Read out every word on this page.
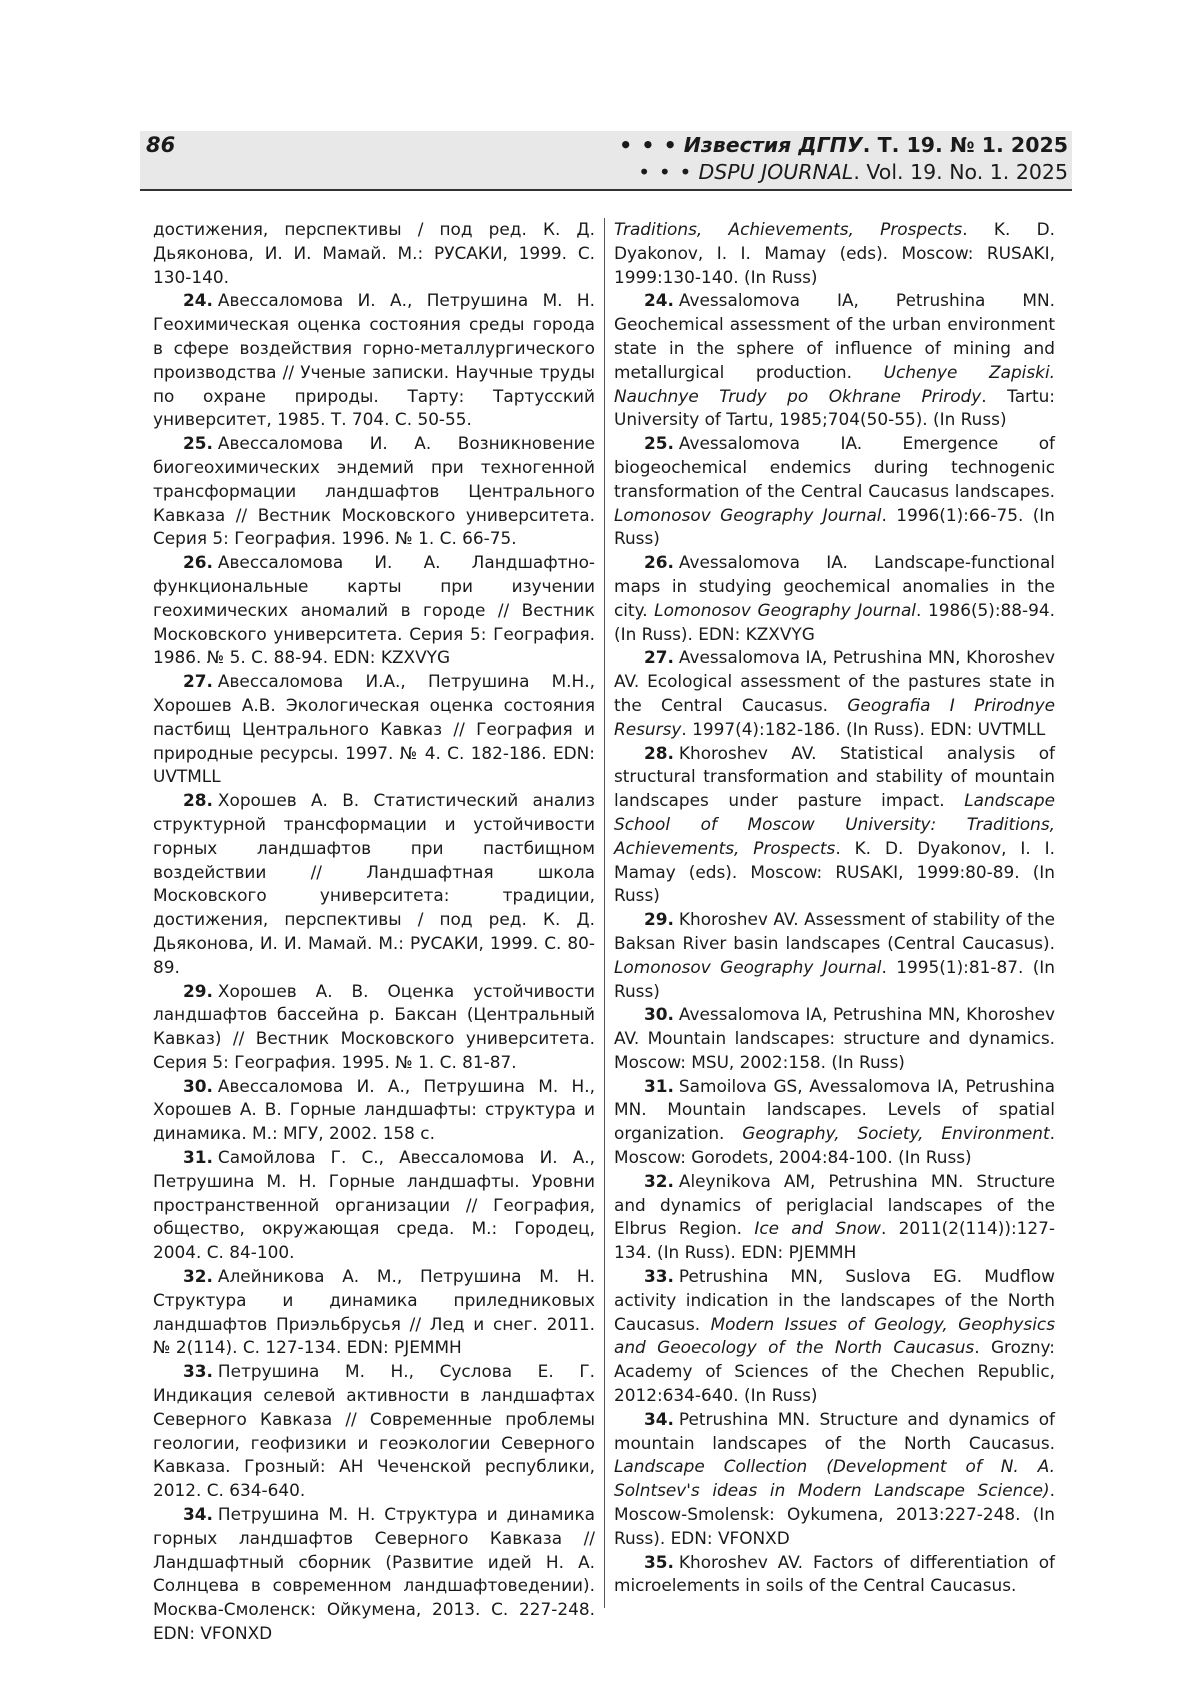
86	• • • Известия ДГПУ. Т. 19. № 1. 2025
• • • DSPU JOURNAL. Vol. 19. No. 1. 2025

достижения, перспективы / под ред. К. Д. Дьяконова, И. И. Мамай. М.: РУСАКИ, 1999. С. 130-140.

24. Авессаломова И. А., Петрушина М. Н. Геохимическая оценка состояния среды города в сфере воздействия горно-металлургического производства // Ученые записки. Научные труды по охране природы. Тарту: Тартусский университет, 1985. Т. 704. С. 50-55.

25. Авессаломова И. А. Возникновение биогеохимических эндемий при техногенной трансформации ландшафтов Центрального Кавказа // Вестник Московского университета. Серия 5: География. 1996. № 1. С. 66-75.

26. Авессаломова И. А. Ландшафтно-функциональные карты при изучении геохимических аномалий в городе // Вестник Московского университета. Серия 5: География. 1986. № 5. С. 88-94. EDN: KZXVYG

27. Авессаломова И.А., Петрушина М.Н., Хорошев А.В. Экологическая оценка состояния пастбищ Центрального Кавказ // География и природные ресурсы. 1997. № 4. С. 182-186. EDN: UVTMLL

28. Хорошев А. В. Статистический анализ структурной трансформации и устойчивости горных ландшафтов при пастбищном воздействии // Ландшафтная школа Московского университета: традиции, достижения, перспективы / под ред. К. Д. Дьяконова, И. И. Мамай. М.: РУСАКИ, 1999. С. 80-89.

29. Хорошев А. В. Оценка устойчивости ландшафтов бассейна р. Баксан (Центральный Кавказ) // Вестник Московского университета. Серия 5: География. 1995. № 1. С. 81-87.

30. Авессаломова И. А., Петрушина М. Н., Хорошев А. В. Горные ландшафты: структура и динамика. М.: МГУ, 2002. 158 с.

31. Самойлова Г. С., Авессаломова И. А., Петрушина М. Н. Горные ландшафты. Уровни пространственной организации // География, общество, окружающая среда. М.: Городец, 2004. С. 84-100.

32. Алейникова А. М., Петрушина М. Н. Структура и динамика приледниковых ландшафтов Приэльбрусья // Лед и снег. 2011. № 2(114). С. 127-134. EDN: PJEMMH

33. Петрушина М. Н., Суслова Е. Г. Индикация селевой активности в ландшафтах Северного Кавказа // Современные проблемы геологии, геофизики и геоэкологии Северного Кавказа. Грозный: АН Чеченской республики, 2012. С. 634-640.

34. Петрушина М. Н. Структура и динамика горных ландшафтов Северного Кавказа // Ландшафтный сборник (Развитие идей Н. А. Солнцева в современном ландшафтоведении). Москва-Смоленск: Ойкумена, 2013. С. 227-248. EDN: VFONXD

Traditions, Achievements, Prospects. K. D. Dyakonov, I. I. Mamay (eds). Moscow: RUSAKI, 1999:130-140. (In Russ)

24. Avessalomova IA, Petrushina MN. Geochemical assessment of the urban environment state in the sphere of influence of mining and metallurgical production. Uchenye Zapiski. Nauchnye Trudy po Okhrane Prirody. Tartu: University of Tartu, 1985;704(50-55). (In Russ)

25. Avessalomova IA. Emergence of biogeochemical endemics during technogenic transformation of the Central Caucasus landscapes. Lomonosov Geography Journal. 1996(1):66-75. (In Russ)

26. Avessalomova IA. Landscape-functional maps in studying geochemical anomalies in the city. Lomonosov Geography Journal. 1986(5):88-94. (In Russ). EDN: KZXVYG

27. Avessalomova IA, Petrushina MN, Khoroshev AV. Ecological assessment of the pastures state in the Central Caucasus. Geografia I Prirodnye Resursy. 1997(4):182-186. (In Russ). EDN: UVTMLL

28. Khoroshev AV. Statistical analysis of structural transformation and stability of mountain landscapes under pasture impact. Landscape School of Moscow University: Traditions, Achievements, Prospects. K. D. Dyakonov, I. I. Mamay (eds). Moscow: RUSAKI, 1999:80-89. (In Russ)

29. Khoroshev AV. Assessment of stability of the Baksan River basin landscapes (Central Caucasus). Lomonosov Geography Journal. 1995(1):81-87. (In Russ)

30. Avessalomova IA, Petrushina MN, Khoroshev AV. Mountain landscapes: structure and dynamics. Moscow: MSU, 2002:158. (In Russ)

31. Samoilova GS, Avessalomova IA, Petrushina MN. Mountain landscapes. Levels of spatial organization. Geography, Society, Environment. Moscow: Gorodets, 2004:84-100. (In Russ)

32. Aleynikova AM, Petrushina MN. Structure and dynamics of periglacial landscapes of the Elbrus Region. Ice and Snow. 2011(2(114)):127-134. (In Russ). EDN: PJEMMH

33. Petrushina MN, Suslova EG. Mudflow activity indication in the landscapes of the North Caucasus. Modern Issues of Geology, Geophysics and Geoecology of the North Caucasus. Grozny: Academy of Sciences of the Chechen Republic, 2012:634-640. (In Russ)

34. Petrushina MN. Structure and dynamics of mountain landscapes of the North Caucasus. Landscape Collection (Development of N. A. Solntsev's ideas in Modern Landscape Science). Moscow-Smolensk: Oykumena, 2013:227-248. (In Russ). EDN: VFONXD

35. Khoroshev AV. Factors of differentiation of microelements in soils of the Central Caucasus.
